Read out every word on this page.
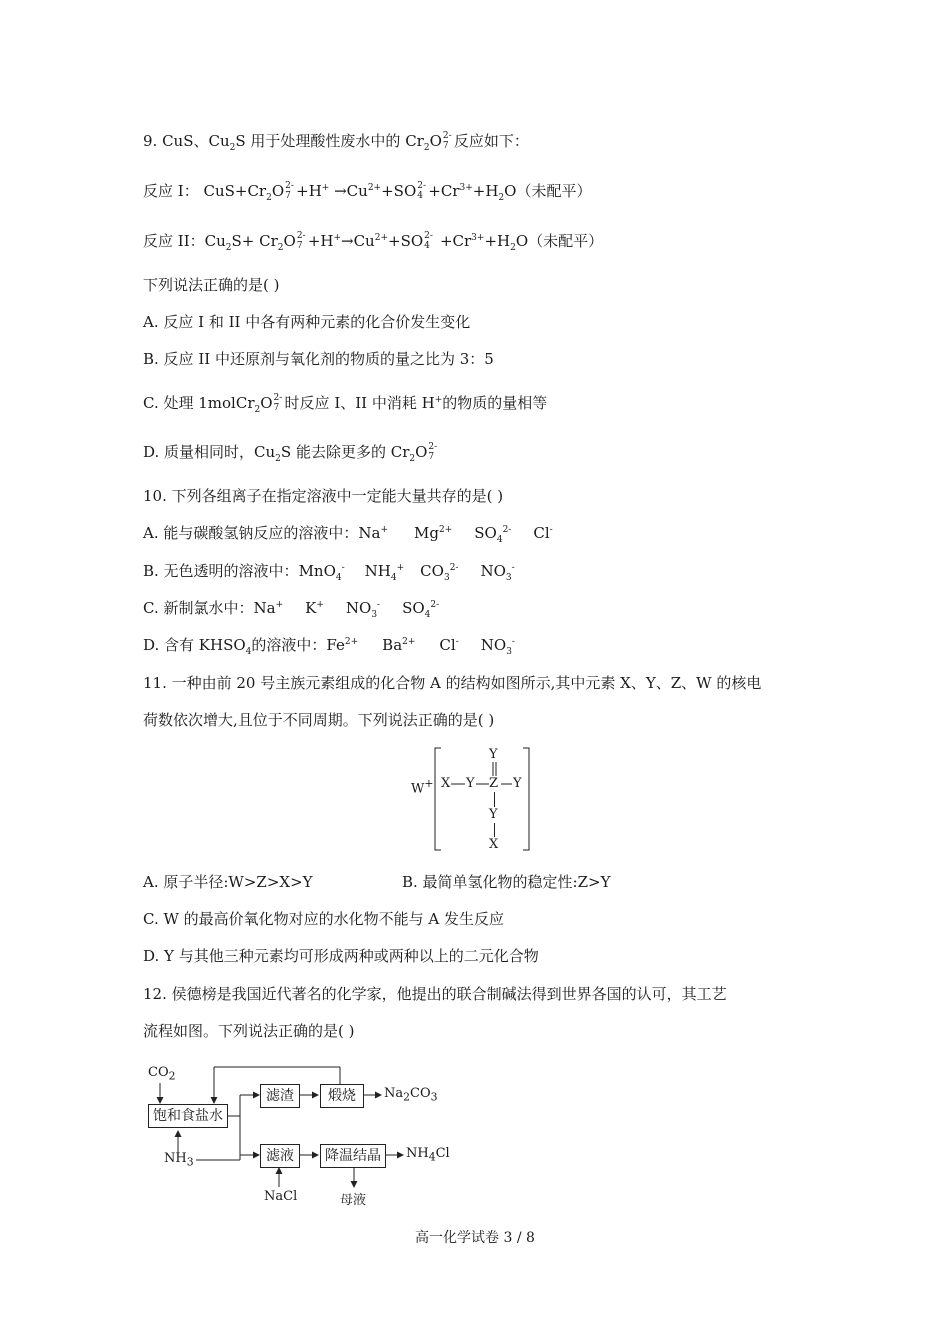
9. CuS、$Cu_2S$ 用于处理酸性废水中的 $Cr_2O$ 2-
7 反应如下：
反应 I： $CuS+Cr_2O$ 2-
$7 +H^+ \to Cu^{2+}+SO$ 2-
$4 +Cr^{3+}+H_2O$（未配平）
反应 II：$Cu_2S+ Cr_2O$ 2-
$7 +H^+\to Cu^{2+}+SO$ 2-
$4 +Cr^{3+}+H_2O$（未配平）
下列说法正确的是( )
A. 反应 I 和 II 中各有两种元素的化合价发生变化
B. 反应 II 中还原剂与氧化剂的物质的量之比为 3：5
C. 处理 1molCr$_2$O 2-
7 时反应 I、II 中消耗 H+的物质的量相等
D. 质量相同时，$Cu_2S$ 能去除更多的 $Cr_2O$ 2-
7
10. 下列各组离子在指定溶液中一定能大量共存的是( )
A. 能与碳酸氢钠反应的溶液中：Na+ $Mg^{2+}$ $SO_4^{2-}$ Cl-
B. 无色透明的溶液中：MnO$_4$- $NH_4^+$ $CO_3^{2-}$ $NO_3^-$
C. 新制氯水中：Na+ K+ $NO_3^-$ $SO_4^{2-}$
D. 含有 $KHSO_4$的溶液中：$Fe^{2+}$ $Ba^{2+}$ Cl- $NO_3^-$
11. 一种由前 20 号主族元素组成的化合物 A 的结构如图所示,其中元素 X、Y、Z、W 的核电
荷数依次增大,且位于不同周期。下列说法正确的是( )
W+ X Y Z Y
Y
Y
X
A. 原子半径:W>Z>X>Y	B. 最简单氢化物的稳定性:Z>Y
C. W 的最高价氧化物对应的水化物不能与 A 发生反应
D. Y 与其他三种元素均可形成两种或两种以上的二元化合物
12. 侯德榜是我国近代著名的化学家，他提出的联合制碱法得到世界各国的认可，其工艺
流程如图。下列说法正确的是( )
$CO_2$
饱和食盐水
$NH_3$
滤渣	煅烧	$Na_2CO_3$
滤液	降温结晶	$NH_4Cl$
NaCl	母液
高一化学试卷 3 / 8
